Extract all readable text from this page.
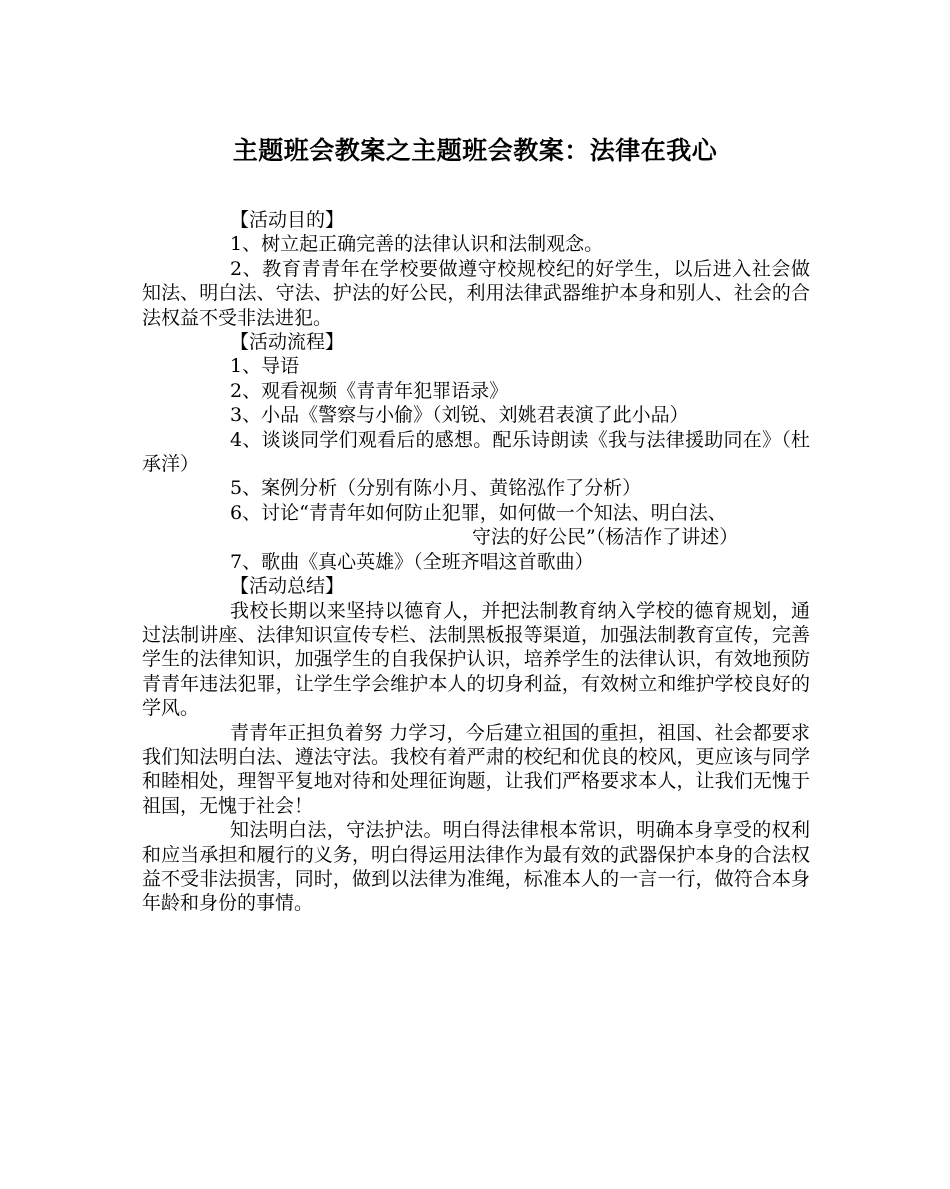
主题班会教案之主题班会教案：法律在我心

【活动目的】

1、树立起正确完善的法律认识和法制观念。

2、教育青青年在学校要做遵守校规校纪的好学生，以后进入社会做知法、明白法、守法、护法的好公民，利用法律武器维护本身和别人、社会的合法权益不受非法进犯。

【活动流程】

1、导语

2、观看视频《青青年犯罪语录》

3、小品《警察与小偷》（刘锐、刘姚君表演了此小品）

4、谈谈同学们观看后的感想。配乐诗朗读《我与法律援助同在》（杜承洋）

5、案例分析（分别有陈小月、黄铭泓作了分析）

6、讨论“青青年如何防止犯罪，如何做一个知法、明白法、

守法的好公民”（杨洁作了讲述）

7、歌曲《真心英雄》（全班齐唱这首歌曲）

【活动总结】

我校长期以来坚持以德育人，并把法制教育纳入学校的德育规划，通过法制讲座、法律知识宣传专栏、法制黑板报等渠道，加强法制教育宣传，完善学生的法律知识，加强学生的自我保护认识，培养学生的法律认识，有效地预防青青年违法犯罪，让学生学会维护本人的切身利益，有效树立和维护学校良好的学风。

青青年正担负着努 力学习，今后建立祖国的重担，祖国、社会都要求我们知法明白法、遵法守法。我校有着严肃的校纪和优良的校风，更应该与同学和睦相处，理智平复地对待和处理征询题，让我们严格要求本人，让我们无愧于祖国，无愧于社会！

知法明白法，守法护法。明白得法律根本常识，明确本身享受的权利和应当承担和履行的义务，明白得运用法律作为最有效的武器保护本身的合法权益不受非法损害，同时，做到以法律为准绳，标准本人的一言一行，做符合本身年龄和身份的事情。
